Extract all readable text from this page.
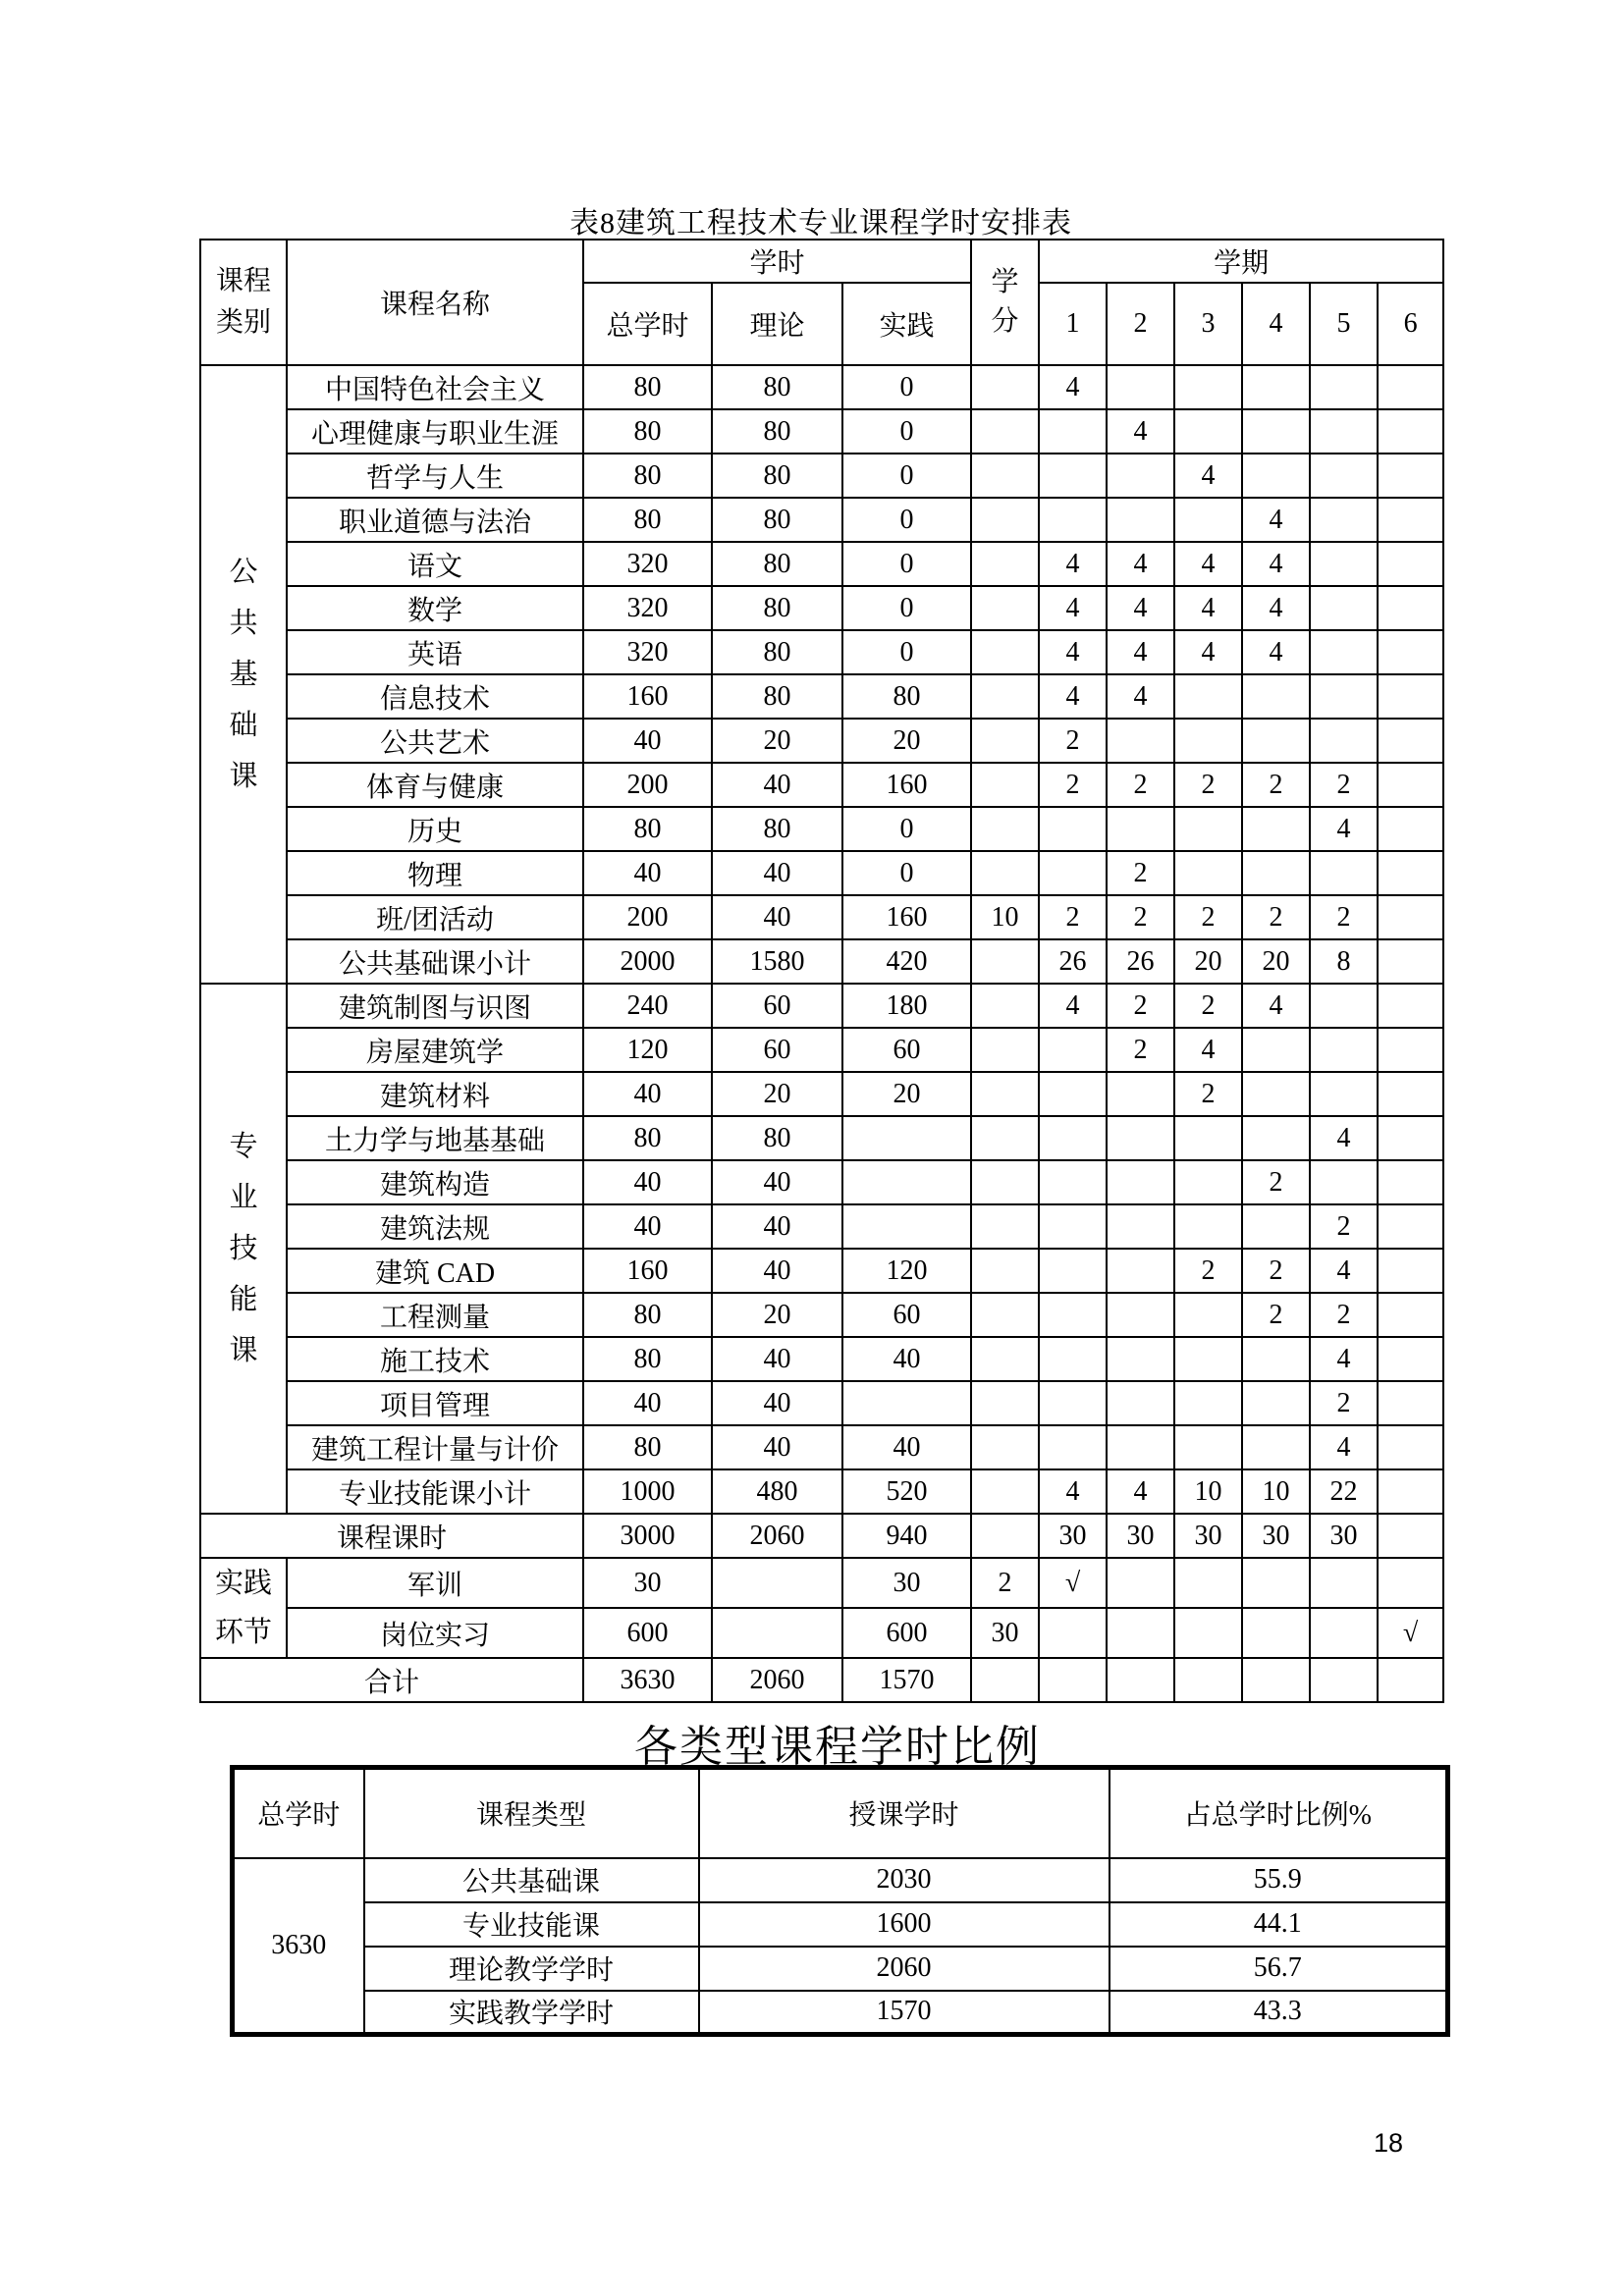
表8建筑工程技术专业课程学时安排表
课程类别	课程名称	学时			学分	学期					
		总学时	理论	实践		1	2	3	4	5	6
公共基础课	中国特色社会主义	80	80	0		4					
	心理健康与职业生涯	80	80	0			4				
	哲学与人生	80	80	0				4			
	职业道德与法治	80	80	0					4		
	语文	320	80	0		4	4	4	4		
	数学	320	80	0		4	4	4	4		
	英语	320	80	0		4	4	4	4		
	信息技术	160	80	80		4	4				
	公共艺术	40	20	20		2					
	体育与健康	200	40	160		2	2	2	2	2	
	历史	80	80	0						4	
	物理	40	40	0			2				
	班/团活动	200	40	160	10	2	2	2	2	2	
	公共基础课小计	2000	1580	420		26	26	20	20	8	
专业技能课	建筑制图与识图	240	60	180		4	2	2	4		
	房屋建筑学	120	60	60			2	4			
	建筑材料	40	20	20				2			
	土力学与地基基础	80	80							4	
	建筑构造	40	40						2		
	建筑法规	40	40							2	
	建筑 CAD	160	40	120				2	2	4	
	工程测量	80	20	60					2	2	
	施工技术	80	40	40						4	
	项目管理	40	40							2	
	建筑工程计量与计价	80	40	40						4	
	专业技能课小计	1000	480	520		4	4	10	10	22	
课程课时		3000	2060	940		30	30	30	30	30	
实践环节	军训	30		30	2	√					
	岗位实习	600		600	30						√
合计		3630	2060	1570							
各类型课程学时比例
总学时	课程类型	授课学时	占总学时比例%
3630	公共基础课	2030	55.9
	专业技能课	1600	44.1
	理论教学学时	2060	56.7
	实践教学学时	1570	43.3
18
